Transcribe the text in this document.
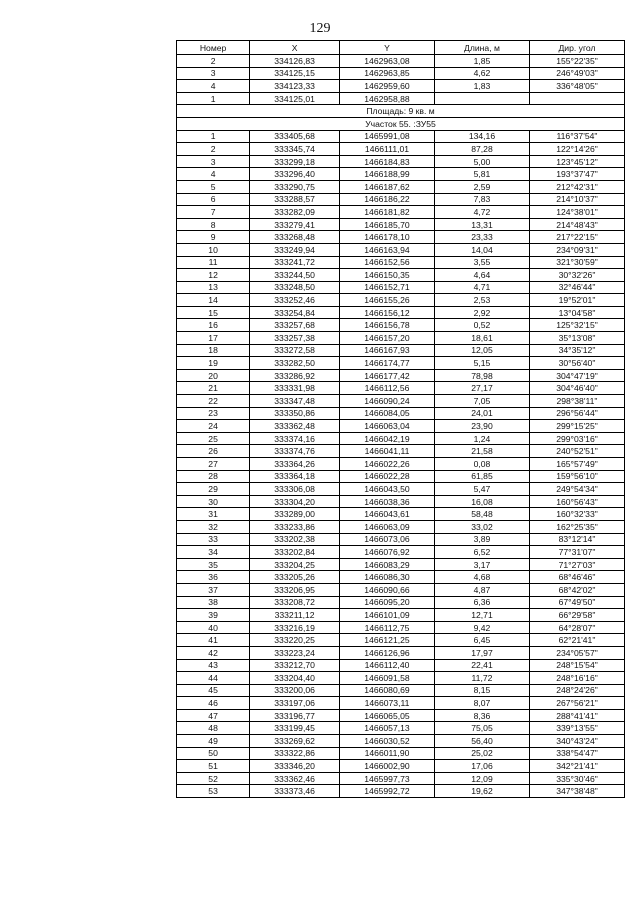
129
Номер	X	Y	Длина, м	Дир. угол
2	334126,83	1462963,08	1,85	155°22'35"
3	334125,15	1462963,85	4,62	246°49'03"
4	334123,33	1462959,60	1,83	336°48'05"
1	334125,01	1462958,88		
Площадь: 9 кв. м				
Участок 55. :ЗУ55				
1	333405,68	1465991,08	134,16	116°37'54"
2	333345,74	1466111,01	87,28	122°14'26"
3	333299,18	1466184,83	5,00	123°45'12"
4	333296,40	1466188,99	5,81	193°37'47"
5	333290,75	1466187,62	2,59	212°42'31"
6	333288,57	1466186,22	7,83	214°10'37"
7	333282,09	1466181,82	4,72	124°38'01"
8	333279,41	1466185,70	13,31	214°48'43"
9	333268,48	1466178,10	23,33	217°22'15"
10	333249,94	1466163,94	14,04	234°09'31"
11	333241,72	1466152,56	3,55	321°30'59"
12	333244,50	1466150,35	4,64	30°32'26"
13	333248,50	1466152,71	4,71	32°46'44"
14	333252,46	1466155,26	2,53	19°52'01"
15	333254,84	1466156,12	2,92	13°04'58"
16	333257,68	1466156,78	0,52	125°32'15"
17	333257,38	1466157,20	18,61	35°13'08"
18	333272,58	1466167,93	12,05	34°35'12"
19	333282,50	1466174,77	5,15	30°56'40"
20	333286,92	1466177,42	78,98	304°47'19"
21	333331,98	1466112,56	27,17	304°46'40"
22	333347,48	1466090,24	7,05	298°38'11"
23	333350,86	1466084,05	24,01	296°56'44"
24	333362,48	1466063,04	23,90	299°15'25"
25	333374,16	1466042,19	1,24	299°03'16"
26	333374,76	1466041,11	21,58	240°52'51"
27	333364,26	1466022,26	0,08	165°57'49"
28	333364,18	1466022,28	61,85	159°56'10"
29	333306,08	1466043,50	5,47	249°54'34"
30	333304,20	1466038,36	16,08	160°56'43"
31	333289,00	1466043,61	58,48	160°32'33"
32	333233,86	1466063,09	33,02	162°25'35"
33	333202,38	1466073,06	3,89	83°12'14"
34	333202,84	1466076,92	6,52	77°31'07"
35	333204,25	1466083,29	3,17	71°27'03"
36	333205,26	1466086,30	4,68	68°46'46"
37	333206,95	1466090,66	4,87	68°42'02"
38	333208,72	1466095,20	6,36	67°49'50"
39	333211,12	1466101,09	12,71	66°29'58"
40	333216,19	1466112,75	9,42	64°28'07"
41	333220,25	1466121,25	6,45	62°21'41"
42	333223,24	1466126,96	17,97	234°05'57"
43	333212,70	1466112,40	22,41	248°15'54"
44	333204,40	1466091,58	11,72	248°16'16"
45	333200,06	1466080,69	8,15	248°24'26"
46	333197,06	1466073,11	8,07	267°56'21"
47	333196,77	1466065,05	8,36	288°41'41"
48	333199,45	1466057,13	75,05	339°13'55"
49	333269,62	1466030,52	56,40	340°43'24"
50	333322,86	1466011,90	25,02	338°54'47"
51	333346,20	1466002,90	17,06	342°21'41"
52	333362,46	1465997,73	12,09	335°30'46"
53	333373,46	1465992,72	19,62	347°38'48"
